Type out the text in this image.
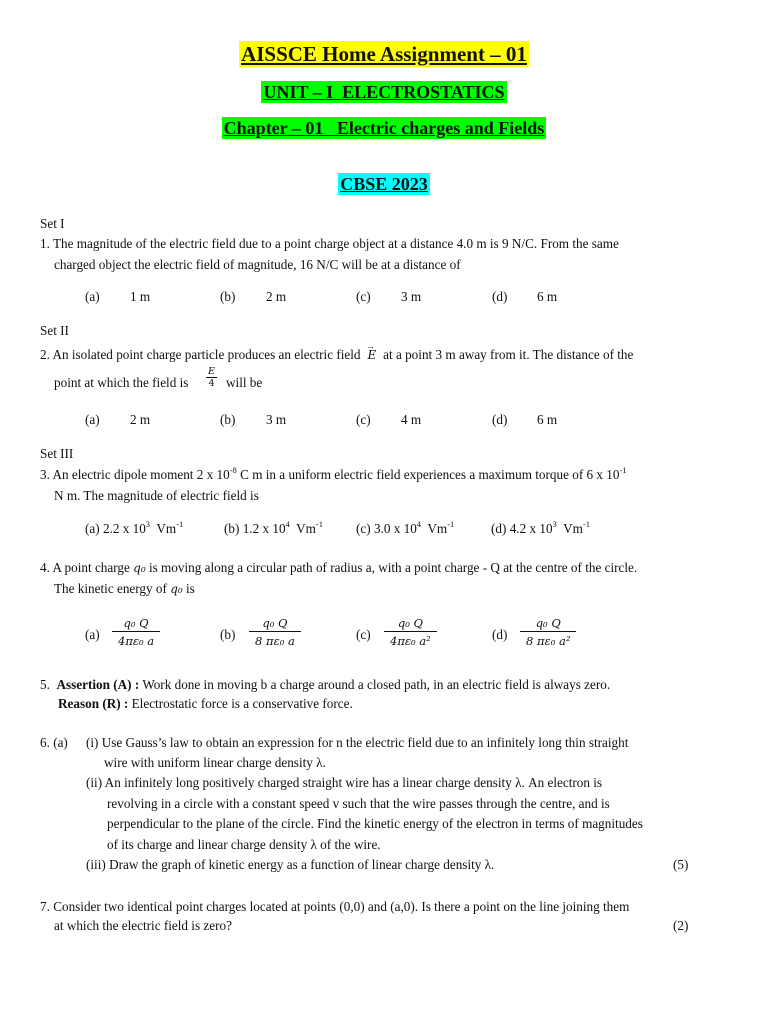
AISSCE Home Assignment – 01
UNIT – I  ELECTROSTATICS
Chapter – 01   Electric charges and Fields
CBSE 2023
Set I
1. The magnitude of the electric field due to a point charge object at a distance 4.0 m is 9 N/C. From the same
charged object the electric field of magnitude, 16 N/C will be at a distance of
(a) 1 m	(b) 2 m	(c) 3 m	(d) 6 m
Set II
2. An isolated point charge particle produces an electric field
→
E at a point 3 m away from it. The distance of the
point at which the field is $\frac{E}{4}$ will be
(a) 2 m	(b) 3 m	(c) 4 m	(d) 6 m
Set III
3. An electric dipole moment 2 x $10^{-8}$ C m in a uniform electric field experiences a maximum torque of 6 x $10^{-1}$
N m. The magnitude of electric field is
(a) 2.2 x $10^3$ $Vm^{-1}$	(b) 1.2 x $10^4$ $Vm^{-1}$ (c) 3.0 x $10^4$ $Vm^{-1}$	(d) 4.2 x $10^3$ $Vm^{-1}$
4. A point charge q₀ is moving along a circular path of radius a, with a point charge - Q at the centre of the circle.
The kinetic energy of q₀ is
$(a) \frac{\text{q₀ Q}}{\text{4πε₀ a}}$	$(b) \frac{\text{q₀ Q}}{\text{8 πε₀ a}}$	$(c) \frac{\text{q₀ Q}}{\text{4πε₀ a²}}$	$(d) \frac{\text{q₀ Q}}{\text{8 πε₀ a²}}$
5. Assertion (A) : Work done in moving b a charge around a closed path, in an electric field is always zero.
Reason (R) : Electrostatic force is a conservative force.
6. (a) (i) Use Gauss’s law to obtain an expression for n the electric field due to an infinitely long thin straight
wire with uniform linear charge density λ.
(ii) An infinitely long positively charged straight wire has a linear charge density λ. An electron is
revolving in a circle with a constant speed v such that the wire passes through the centre, and is
perpendicular to the plane of the circle. Find the kinetic energy of the electron in terms of magnitudes
of its charge and linear charge density λ of the wire.
(iii) Draw the graph of kinetic energy as a function of linear charge density λ.	(5)
7. Consider two identical point charges located at points (0,0) and (a,0). Is there a point on the line joining them
at which the electric field is zero?	(2)
